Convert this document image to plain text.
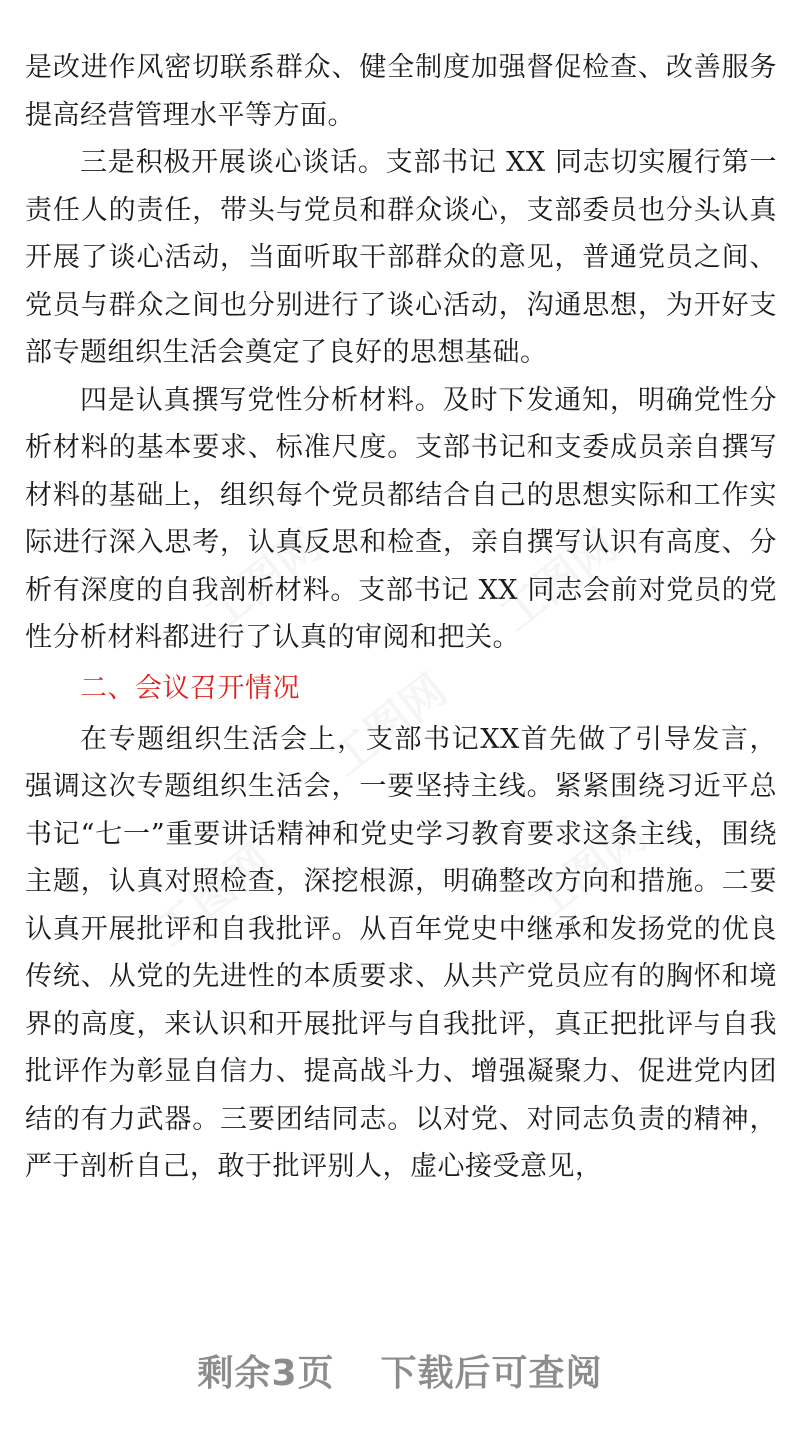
工图网	工图网
工图网
工图网	工图网

是改进作风密切联系群众、健全制度加强督促检查、改善服务提高经营管理水平等方面。

三是积极开展谈心谈话。支部书记 XX 同志切实履行第一责任人的责任，带头与党员和群众谈心，支部委员也分头认真开展了谈心活动，当面听取干部群众的意见，普通党员之间、党员与群众之间也分别进行了谈心活动，沟通思想，为开好支部专题组织生活会奠定了良好的思想基础。

四是认真撰写党性分析材料。及时下发通知，明确党性分析材料的基本要求、标准尺度。支部书记和支委成员亲自撰写材料的基础上，组织每个党员都结合自己的思想实际和工作实际进行深入思考，认真反思和检查，亲自撰写认识有高度、分析有深度的自我剖析材料。支部书记 XX 同志会前对党员的党性分析材料都进行了认真的审阅和把关。

二、会议召开情况

在专题组织生活会上，支部书记XX首先做了引导发言，强调这次专题组织生活会，一要坚持主线。紧紧围绕习近平总书记“七一”重要讲话精神和党史学习教育要求这条主线，围绕主题，认真对照检查，深挖根源，明确整改方向和措施。二要认真开展批评和自我批评。从百年党史中继承和发扬党的优良传统、从党的先进性的本质要求、从共产党员应有的胸怀和境界的高度，来认识和开展批评与自我批评，真正把批评与自我批评作为彰显自信力、提高战斗力、增强凝聚力、促进党内团结的有力武器。三要团结同志。以对党、对同志负责的精神，严于剖析自己，敢于批评别人，虚心接受意见，

剩余3页 下载后可查阅
